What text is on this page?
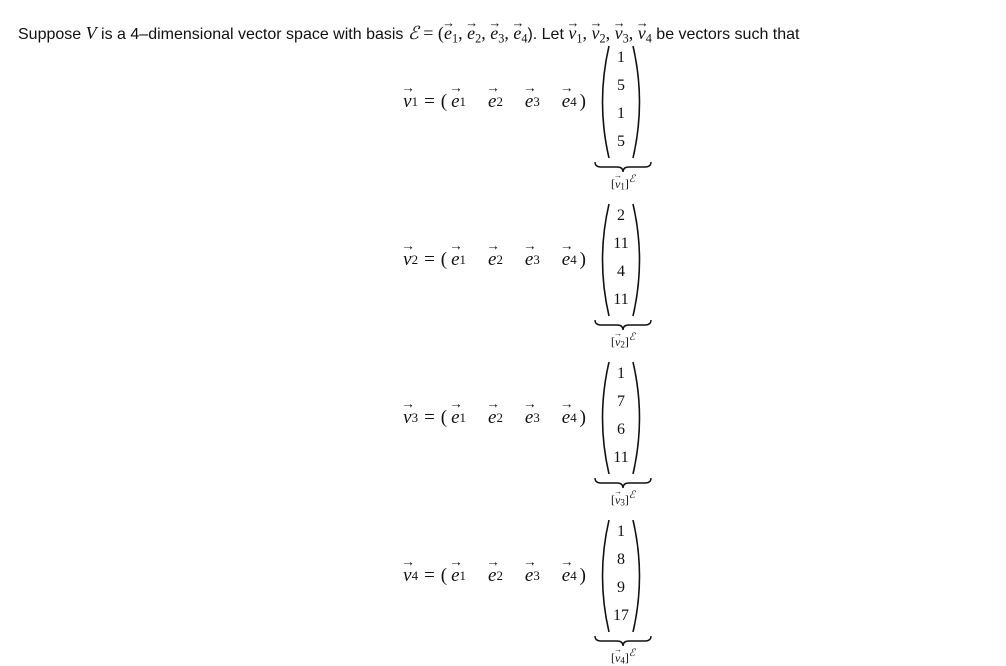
Suppose V is a 4–dimensional vector space with basis ℰ = (→ $e_1$, → $e_2$, → $e_3$, → $e_4$). Let → $v_1$, → $v_2$, → $v_3$, → $v_4$ be vectors such that

→ v 1 = ( → e 1 → e 2 → e 3 → e 4 )
1
5
1
5
[→ v1]$^ℰ$
→ v 2 = ( → e 1 → e 2 → e 3 → e 4 )
2
11
4
11
[→ v2]$^ℰ$
→ v 3 = ( → e 1 → e 2 → e 3 → e 4 )
1
7
6
11
[→ v3]$^ℰ$
→ v 4 = ( → e 1 → e 2 → e 3 → e 4 )
1
8
9
17
[→ v4]$^ℰ$
